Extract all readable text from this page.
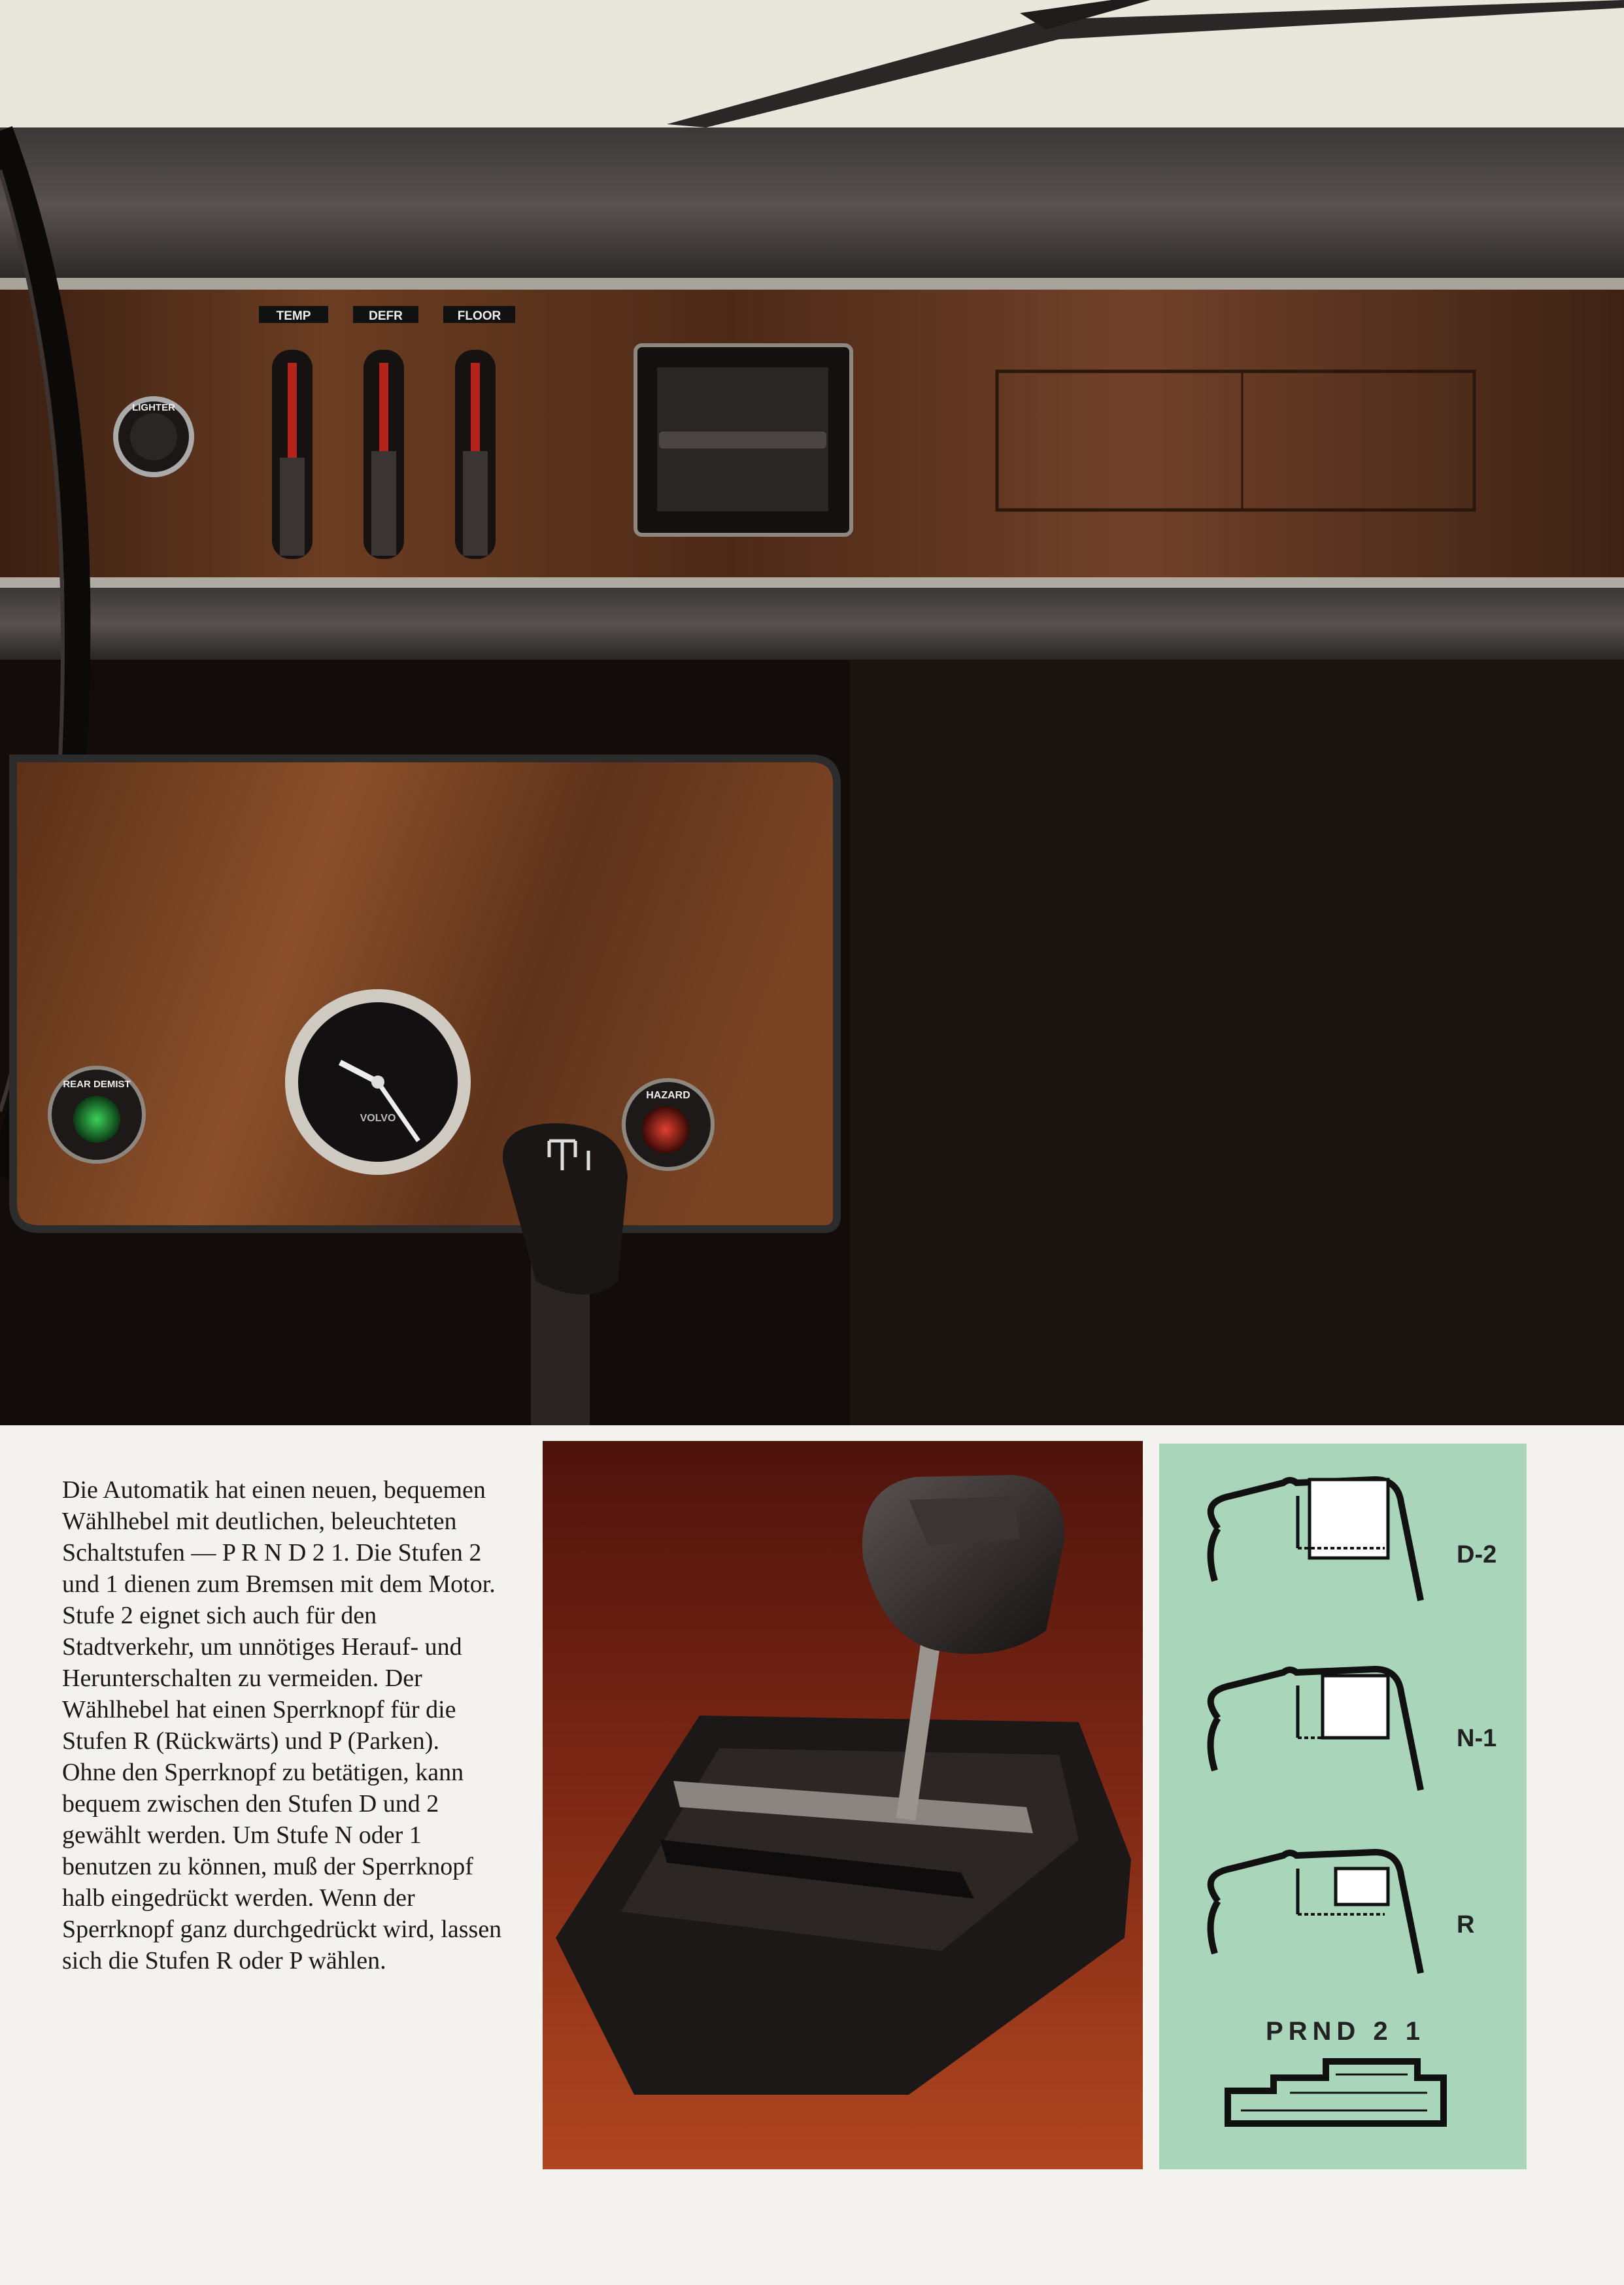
TEMP	DEFR	FLOOR
LIGHTER
VOLVO
REAR DEMIST
HAZARD

Die Automatik hat einen neuen, bequemen Wählhebel mit deutlichen, beleuchteten Schaltstufen — P R N D 2 1. Die Stufen 2 und 1 dienen zum Bremsen mit dem Motor. Stufe 2 eignet sich auch für den Stadtverkehr, um unnötiges Herauf- und Herunterschalten zu vermeiden. Der Wählhebel hat einen Sperrknopf für die Stufen R (Rückwärts) und P (Parken).

Ohne den Sperrknopf zu betätigen, kann bequem zwischen den Stufen D und 2 gewählt werden. Um Stufe N oder 1 benutzen zu können, muß der Sperrknopf halb eingedrückt werden. Wenn der Sperrknopf ganz durchgedrückt wird, lassen sich die Stufen R oder P wählen.

D-2
N-1
R
PRND 2 1
